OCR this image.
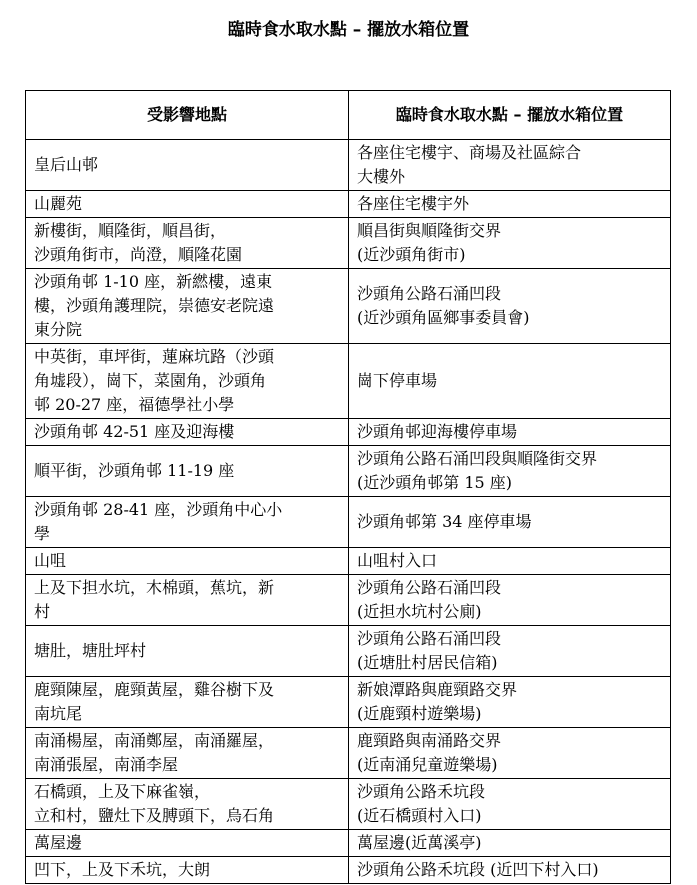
臨時食水取水點 – 擺放水箱位置
受影響地點	臨時食水取水點 – 擺放水箱位置

皇后山邨	各座住宅樓宇、商場及社區綜合
大樓外

山麗苑	各座住宅樓宇外

新樓街，順隆街，順昌街，
沙頭角街市，尚澄，順隆花園	順昌街與順隆街交界
(近沙頭角街市)

沙頭角邨 1-10 座，新繎樓，遠東
樓，沙頭角護理院，崇德安老院遠
東分院	沙頭角公路石涌凹段
(近沙頭角區鄉事委員會)

中英街，車坪街，蓮麻坑路（沙頭
角墟段），崗下，菜園角，沙頭角
邨 20-27 座，福德學社小學	崗下停車場

沙頭角邨 42-51 座及迎海樓	沙頭角邨迎海樓停車場

順平街，沙頭角邨 11-19 座	沙頭角公路石涌凹段與順隆街交界
(近沙頭角邨第 15 座)

沙頭角邨 28-41 座，沙頭角中心小
學	沙頭角邨第 34 座停車場

山咀	山咀村入口

上及下担水坑，木棉頭，蕉坑，新
村	沙頭角公路石涌凹段
(近担水坑村公廁)

塘肚，塘肚坪村	沙頭角公路石涌凹段
(近塘肚村居民信箱)

鹿頸陳屋，鹿頸黃屋，雞谷樹下及
南坑尾	新娘潭路與鹿頸路交界
(近鹿頸村遊樂場)

南涌楊屋，南涌鄭屋，南涌羅屋，
南涌張屋，南涌李屋	鹿頸路與南涌路交界
(近南涌兒童遊樂場)

石橋頭，上及下麻雀嶺，
立和村，鹽灶下及膊頭下，烏石角	沙頭角公路禾坑段
(近石橋頭村入口)

萬屋邊	萬屋邊(近萬溪亭)

凹下，上及下禾坑，大朗	沙頭角公路禾坑段 (近凹下村入口)
